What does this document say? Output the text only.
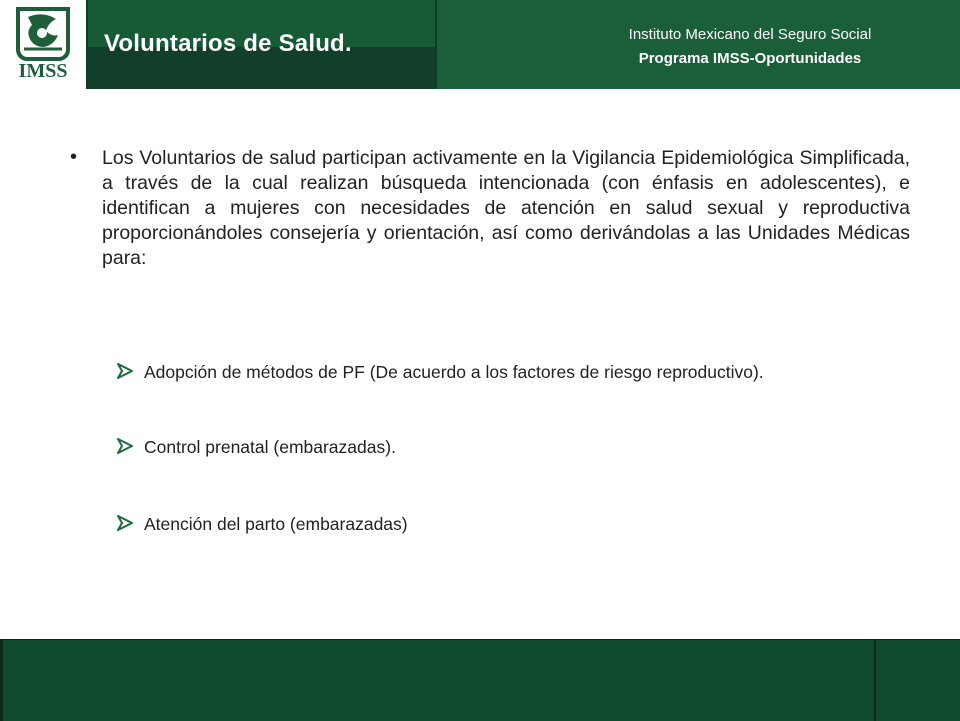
IMSS
Voluntarios de Salud.	Instituto Mexicano del Seguro Social
Programa IMSS-Oportunidades
• Los Voluntarios de salud participan activamente en la Vigilancia Epidemiológica Simplificada, a través de la cual realizan búsqueda intencionada (con énfasis en adolescentes), e identifican a mujeres con necesidades de atención en salud sexual y reproductiva proporcionándoles consejería y orientación, así como derivándolas a las Unidades Médicas para:

Adopción de métodos de PF (De acuerdo a los factores de riesgo reproductivo).
Control prenatal (embarazadas).
Atención del parto (embarazadas)
